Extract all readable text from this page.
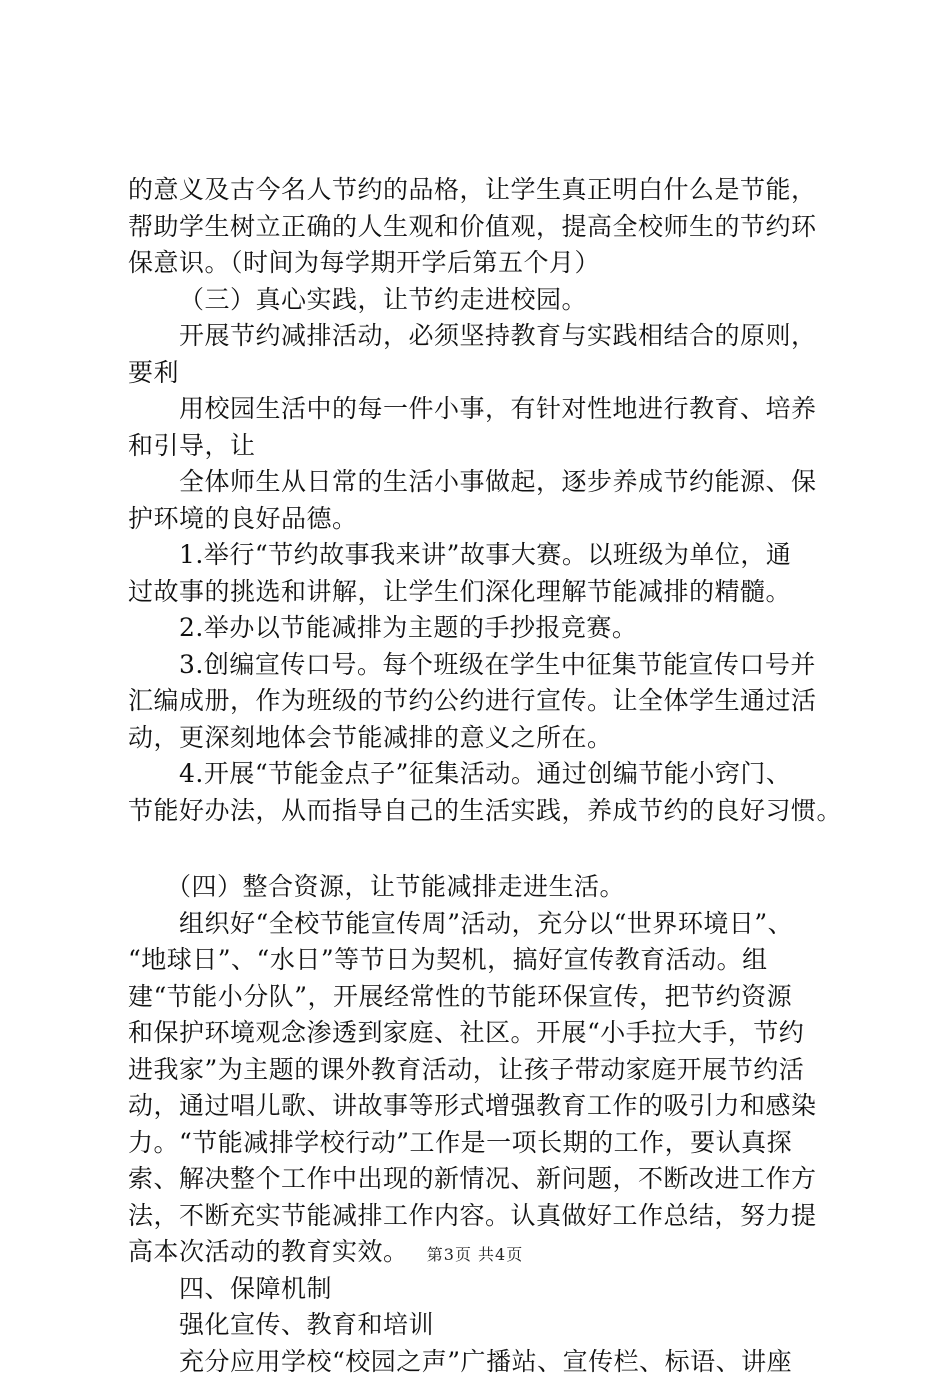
的意义及古今名人节约的品格，让学生真正明白什么是节能，
帮助学生树立正确的人生观和价值观，提高全校师生的节约环
保意识。（时间为每学期开学后第五个月）
（三）真心实践，让节约走进校园。
开展节约减排活动，必须坚持教育与实践相结合的原则，
要利
用校园生活中的每一件小事，有针对性地进行教育、培养
和引导，让
全体师生从日常的生活小事做起，逐步养成节约能源、保
护环境的良好品德。
1.举行“节约故事我来讲”故事大赛。以班级为单位，通
过故事的挑选和讲解，让学生们深化理解节能减排的精髓。
2.举办以节能减排为主题的手抄报竞赛。
3.创编宣传口号。每个班级在学生中征集节能宣传口号并
汇编成册，作为班级的节约公约进行宣传。让全体学生通过活
动，更深刻地体会节能减排的意义之所在。
4.开展“节能金点子”征集活动。通过创编节能小窍门、
节能好办法，从而指导自己的生活实践，养成节约的良好习惯。
（四）整合资源，让节能减排走进生活。
组织好“全校节能宣传周”活动，充分以“世界环境日”、
“地球日”、“水日”等节日为契机，搞好宣传教育活动。组
建“节能小分队”，开展经常性的节能环保宣传，把节约资源
和保护环境观念渗透到家庭、社区。开展“小手拉大手，节约
进我家”为主题的课外教育活动，让孩子带动家庭开展节约活
动，通过唱儿歌、讲故事等形式增强教育工作的吸引力和感染
力。“节能减排学校行动”工作是一项长期的工作，要认真探
索、解决整个工作中出现的新情况、新问题，不断改进工作方
法，不断充实节能减排工作内容。认真做好工作总结，努力提
高本次活动的教育实效。
四、保障机制
强化宣传、教育和培训
充分应用学校“校园之声”广播站、宣传栏、标语、讲座
第3页 共4页
